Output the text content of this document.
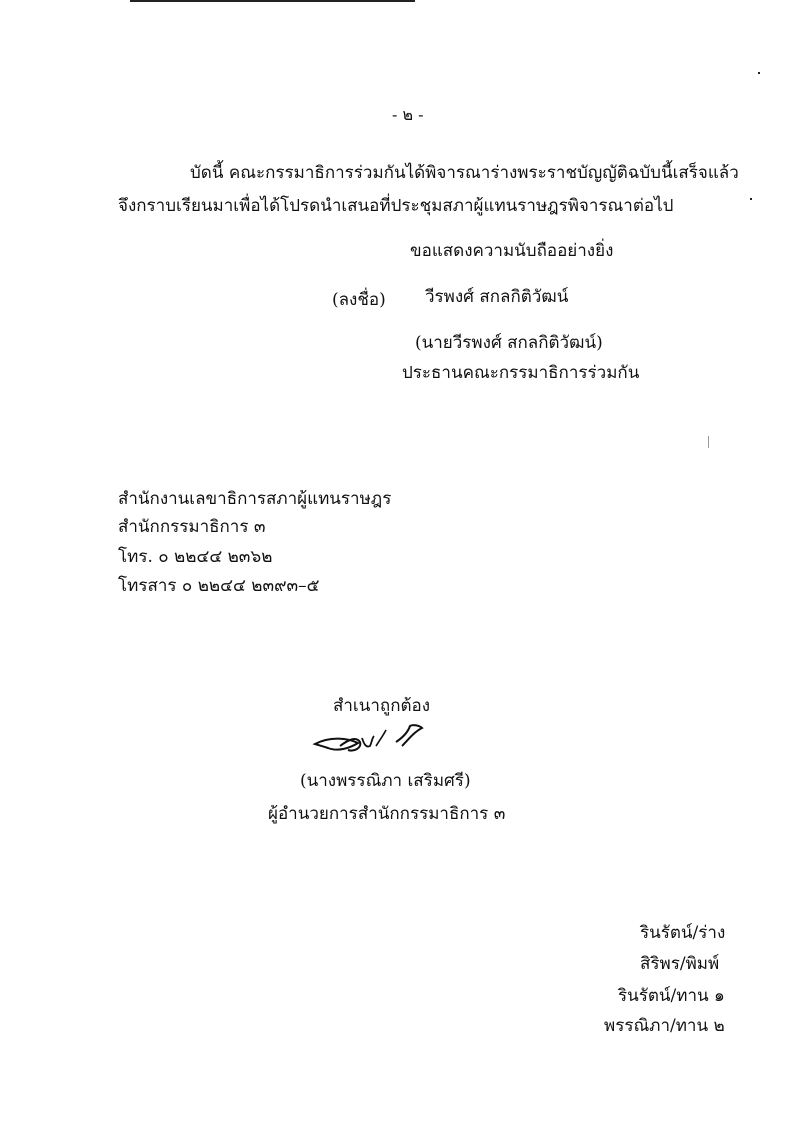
- ๒ -
บัดนี้ คณะกรรมาธิการร่วมกันได้พิจารณาร่างพระราชบัญญัติฉบับนี้เสร็จแล้ว
จึงกราบเรียนมาเพื่อได้โปรดนำเสนอที่ประชุมสภาผู้แทนราษฎรพิจารณาต่อไป
ขอแสดงความนับถืออย่างยิ่ง
(ลงชื่อ) วีรพงศ์ สกลกิติวัฒน์
(นายวีรพงศ์ สกลกิติวัฒน์)
ประธานคณะกรรมาธิการร่วมกัน
สำนักงานเลขาธิการสภาผู้แทนราษฎร
สำนักกรรมาธิการ ๓
โทร. ๐ ๒๒๔๔ ๒๓๖๒
โทรสาร ๐ ๒๒๔๔ ๒๓๙๓–๕
สำเนาถูกต้อง
(นางพรรณิภา เสริมศรี)
ผู้อำนวยการสำนักกรรมาธิการ ๓
รินรัตน์/ร่าง
สิริพร/พิมพ์
รินรัตน์/ทาน ๑
พรรณิภา/ทาน ๒
